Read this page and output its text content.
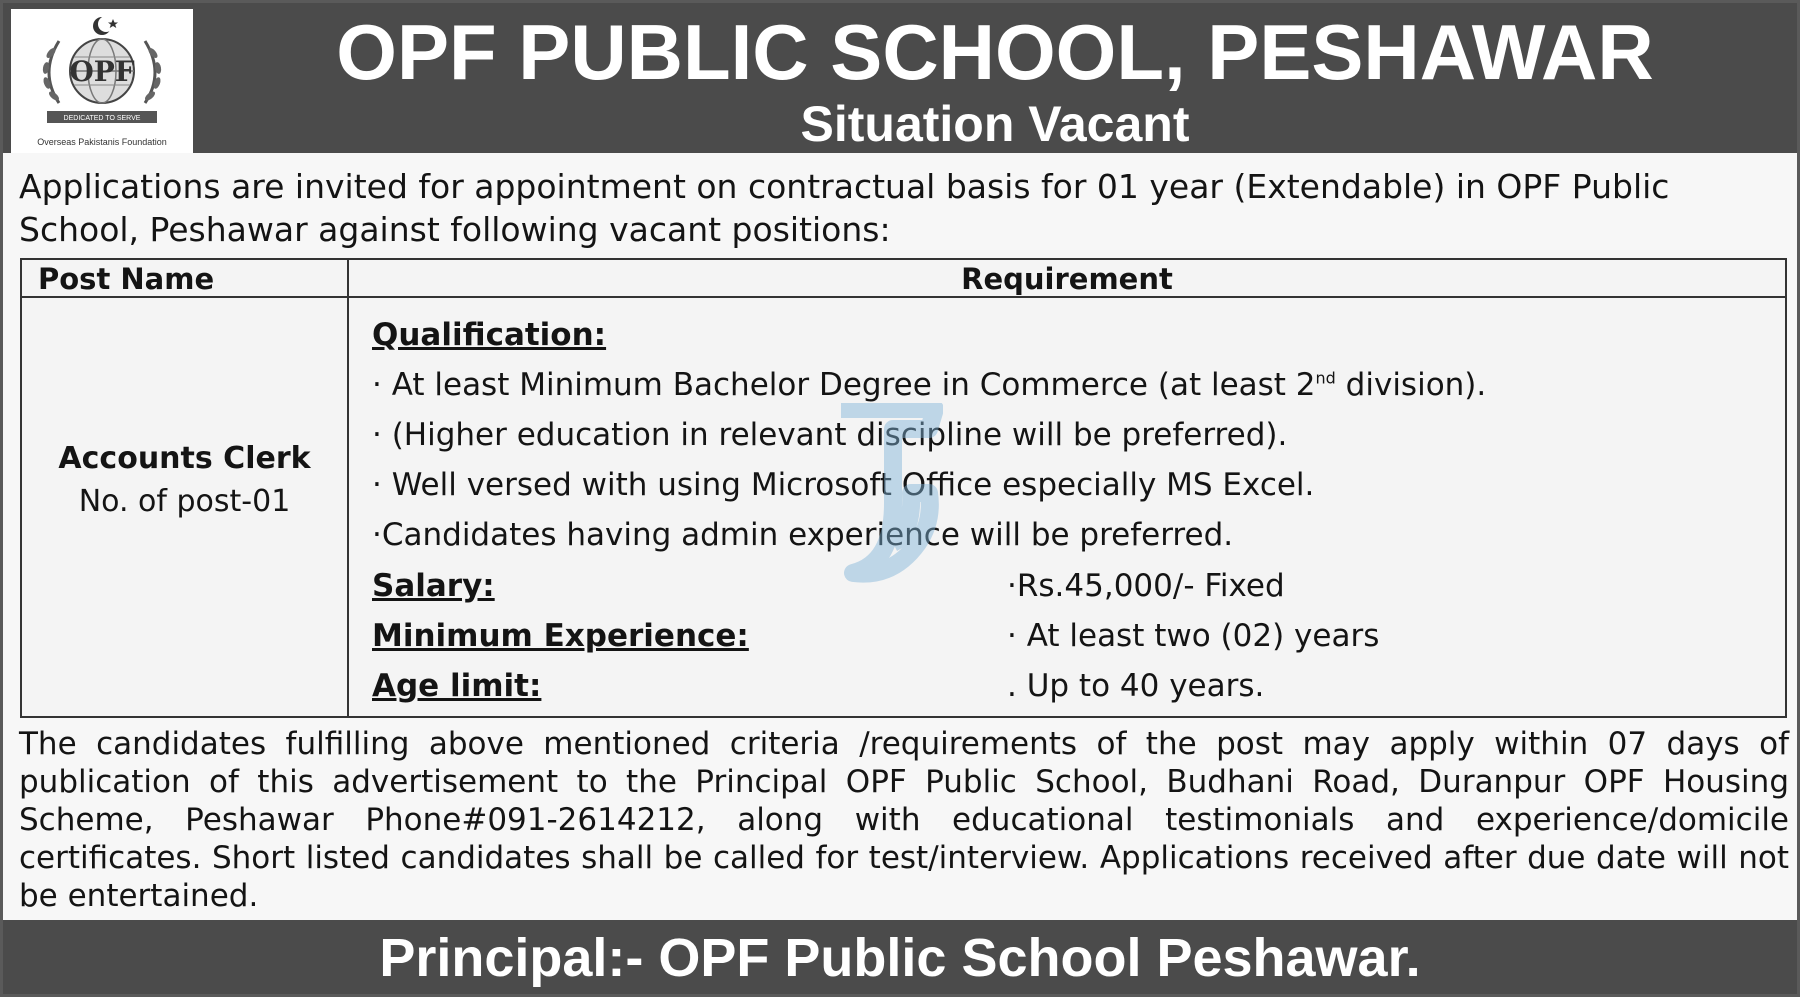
OPF
DEDICATED TO SERVE
Overseas Pakistanis Foundation
OPF PUBLIC SCHOOL, PESHAWAR
Situation Vacant
Applications are invited for appointment on contractual basis for 01 year (Extendable) in OPF Public School, Peshawar against following vacant positions:
Post Name	Requirement
Accounts Clerk
No. of post-01
Qualification:
· At least Minimum Bachelor Degree in Commerce (at least 2nd division).
· (Higher education in relevant discipline will be preferred).
· Well versed with using Microsoft Office especially MS Excel.
·Candidates having admin experience will be preferred.
Salary:	·Rs.45,000/- Fixed
Minimum Experience:	· At least two (02) years
Age limit:	. Up to 40 years.
The candidates fulfilling above mentioned criteria /requirements of the post may apply within 07 days of publication of this advertisement to the Principal OPF Public School, Budhani Road, Duranpur OPF Housing Scheme, Peshawar Phone#091-2614212, along with educational testimonials and experience/domicile certificates. Short listed candidates shall be called for test/interview. Applications received after due date will not be entertained.
Principal:- OPF Public School Peshawar.
